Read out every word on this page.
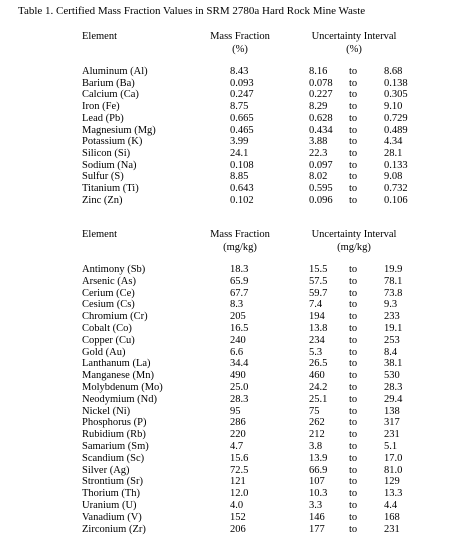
Table 1. Certified Mass Fraction Values in SRM 2780a Hard Rock Mine Waste
Element	Mass Fraction
(%)
Uncertainty Interval
(%)
Aluminum (Al)	8.43	8.16 to	8.68
Barium (Ba)	0.093	0.078 to	0.138
Calcium (Ca)	0.247	0.227 to	0.305
Iron (Fe)	8.75	8.29 to	9.10
Lead (Pb)	0.665	0.628 to	0.729
Magnesium (Mg)	0.465	0.434 to	0.489
Potassium (K)	3.99	3.88 to	4.34
Silicon (Si)	24.1	22.3 to	28.1
Sodium (Na)	0.108	0.097 to	0.133
Sulfur (S)	8.85	8.02 to	9.08
Titanium (Ti)	0.643	0.595 to	0.732
Zinc (Zn)	0.102	0.096 to	0.106
Element	Mass Fraction
(mg/kg)
Uncertainty Interval
(mg/kg)
Antimony (Sb)	18.3	15.5 to	19.9
Arsenic (As)	65.9	57.5 to	78.1
Cerium (Ce)	67.7	59.7 to	73.8
Cesium (Cs)	8.3	7.4	to	9.3
Chromium (Cr)	205	194 to	233
Cobalt (Co)	16.5	13.8 to	19.1
Copper (Cu)	240	234 to	253
Gold (Au)	6.6	5.3	to	8.4
Lanthanum (La)	34.4	26.5 to	38.1
Manganese (Mn)	490	460 to	530
Molybdenum (Mo)	25.0	24.2 to	28.3
Neodymium (Nd)	28.3	25.1 to	29.4
Nickel (Ni)	95	75	to	138
Phosphorus (P)	286	262 to	317
Rubidium (Rb)	220	212 to	231
Samarium (Sm)	4.7	3.8	to	5.1
Scandium (Sc)	15.6	13.9 to	17.0
Silver (Ag)	72.5	66.9 to	81.0
Strontium (Sr)	121	107 to	129
Thorium (Th)	12.0	10.3 to	13.3
Uranium (U)	4.0	3.3	to	4.4
Vanadium (V)	152	146 to	168
Zirconium (Zr)	206	177 to	231
